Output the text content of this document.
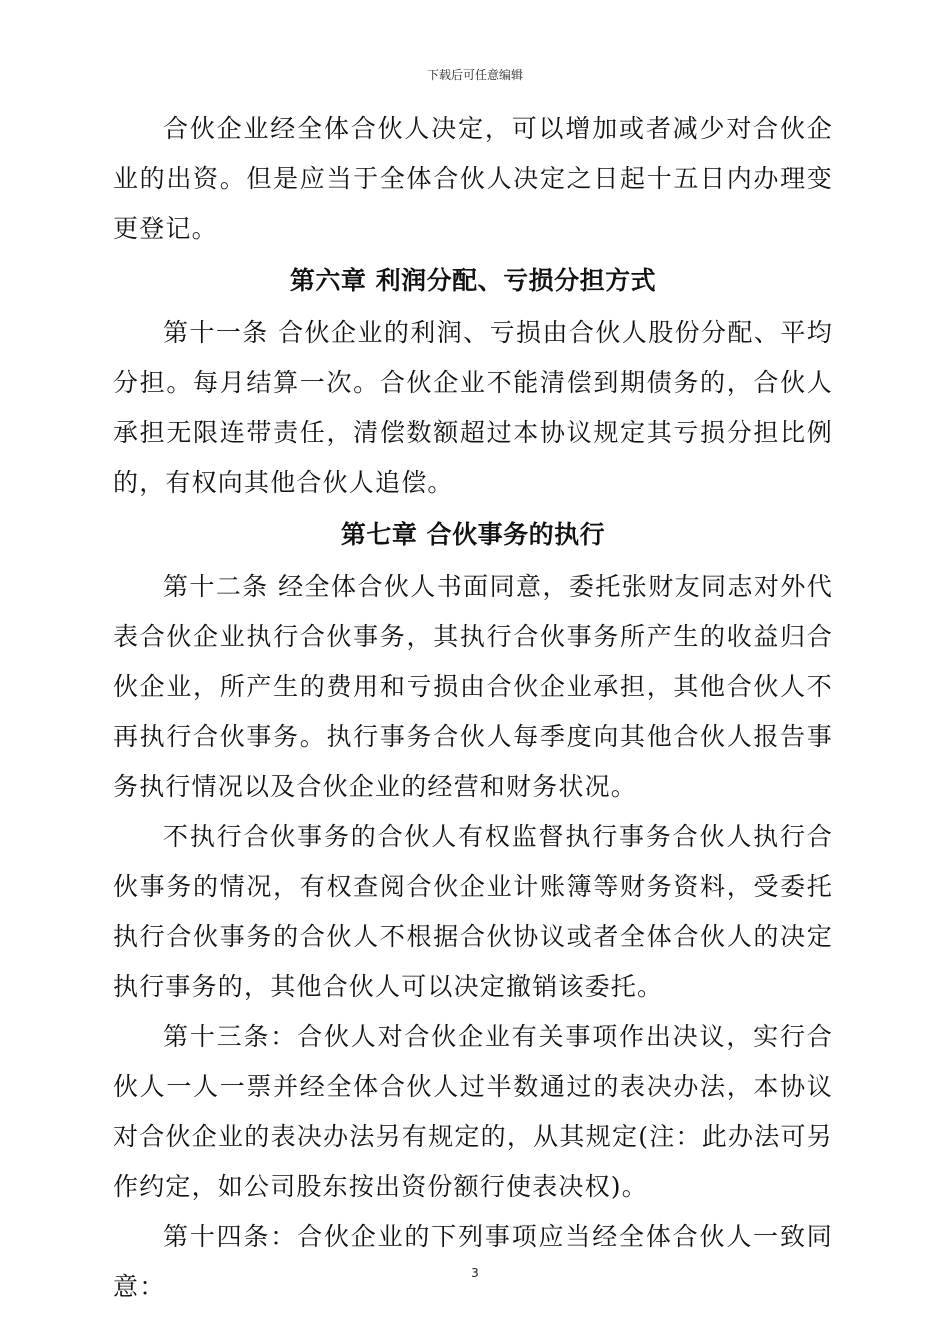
下载后可任意编辑

合伙企业经全体合伙人决定，可以增加或者减少对合伙企业的出资。但是应当于全体合伙人决定之日起十五日内办理变更登记。

第六章 利润分配、亏损分担方式

第十一条 合伙企业的利润、亏损由合伙人股份分配、平均分担。每月结算一次。合伙企业不能清偿到期债务的，合伙人承担无限连带责任，清偿数额超过本协议规定其亏损分担比例的，有权向其他合伙人追偿。

第七章 合伙事务的执行

第十二条 经全体合伙人书面同意，委托张财友同志对外代表合伙企业执行合伙事务，其执行合伙事务所产生的收益归合伙企业，所产生的费用和亏损由合伙企业承担，其他合伙人不再执行合伙事务。执行事务合伙人每季度向其他合伙人报告事务执行情况以及合伙企业的经营和财务状况。

不执行合伙事务的合伙人有权监督执行事务合伙人执行合伙事务的情况，有权查阅合伙企业计账簿等财务资料，受委托执行合伙事务的合伙人不根据合伙协议或者全体合伙人的决定执行事务的，其他合伙人可以决定撤销该委托。

第十三条：合伙人对合伙企业有关事项作出决议，实行合伙人一人一票并经全体合伙人过半数通过的表决办法，本协议对合伙企业的表决办法另有规定的，从其规定(注：此办法可另作约定，如公司股东按出资份额行使表决权)。

第十四条：合伙企业的下列事项应当经全体合伙人一致同意：	3
